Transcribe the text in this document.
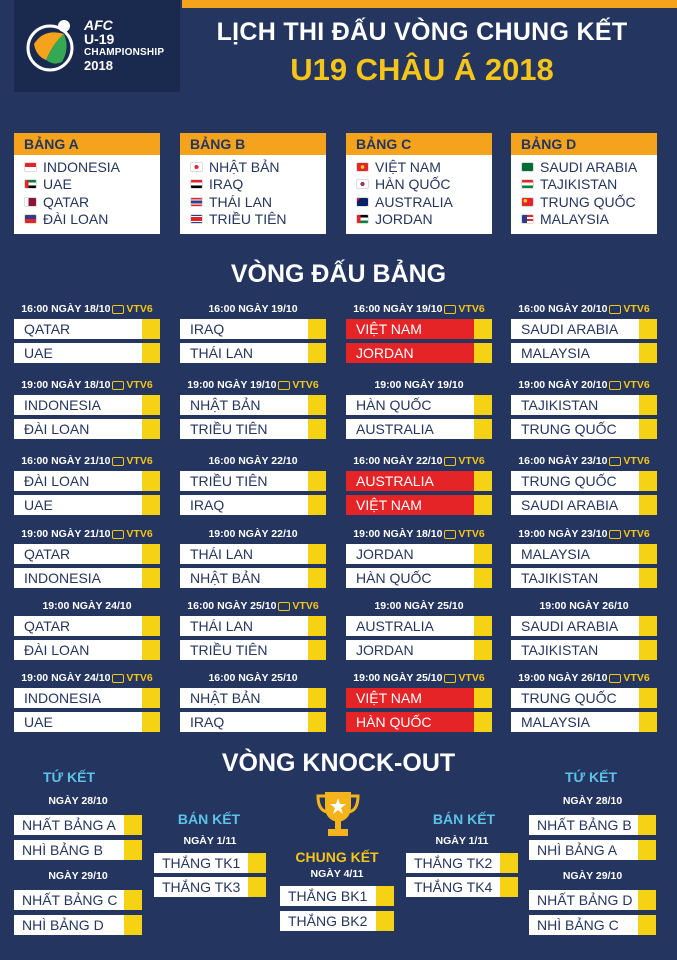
AFC
U-19
CHAMPIONSHIP
2018
LỊCH THI ĐẤU VÒNG CHUNG KẾT
U19 CHÂU Á 2018
BẢNG A
INDONESIA
UAE
QATAR
ĐÀI LOAN
BẢNG B
NHẬT BẢN
IRAQ
THÁI LAN
TRIỀU TIÊN
BẢNG C
VIỆT NAM
HÀN QUỐC
AUSTRALIA
JORDAN
BẢNG D
SAUDI ARABIA
TAJIKISTAN
TRUNG QUỐC
MALAYSIA
VÒNG ĐẤU BẢNG
16:00 NGÀY 18/10 VTV6
QATAR
UAE
16:00 NGÀY 19/10
IRAQ
THÁI LAN
16:00 NGÀY 19/10 VTV6
VIỆT NAM
JORDAN
16:00 NGÀY 20/10 VTV6
SAUDI ARABIA
MALAYSIA
19:00 NGÀY 18/10 VTV6
INDONESIA
ĐÀI LOAN
19:00 NGÀY 19/10 VTV6
NHẬT BẢN
TRIỀU TIÊN
19:00 NGÀY 19/10
HÀN QUỐC
AUSTRALIA
19:00 NGÀY 20/10 VTV6
TAJIKISTAN
TRUNG QUỐC
16:00 NGÀY 21/10 VTV6
ĐÀI LOAN
UAE
16:00 NGÀY 22/10
TRIỀU TIÊN
IRAQ
16:00 NGÀY 22/10 VTV6
AUSTRALIA
VIỆT NAM
16:00 NGÀY 23/10 VTV6
TRUNG QUỐC
SAUDI ARABIA
19:00 NGÀY 21/10 VTV6
QATAR
INDONESIA
19:00 NGÀY 22/10
THÁI LAN
NHẬT BẢN
19:00 NGÀY 18/10 VTV6
JORDAN
HÀN QUỐC
19:00 NGÀY 23/10 VTV6
MALAYSIA
TAJIKISTAN
19:00 NGÀY 24/10
QATAR
ĐÀI LOAN
16:00 NGÀY 25/10 VTV6
THÁI LAN
TRIỀU TIÊN
19:00 NGÀY 25/10
AUSTRALIA
JORDAN
19:00 NGÀY 26/10
SAUDI ARABIA
TAJIKISTAN
19:00 NGÀY 24/10 VTV6
INDONESIA
UAE
16:00 NGÀY 25/10
NHẬT BẢN
IRAQ
19:00 NGÀY 25/10 VTV6
VIỆT NAM
HÀN QUỐC
19:00 NGÀY 26/10 VTV6
TRUNG QUỐC
MALAYSIA
VÒNG KNOCK-OUT
TỨ KẾT	TỨ KẾT
BÁN KẾT	BÁN KẾT
NGÀY 28/10
NHẤT BẢNG A
NHÌ BẢNG B
NGÀY 28/10
NHẤT BẢNG B
NHÌ BẢNG A
NGÀY 29/10
NHẤT BẢNG C
NHÌ BẢNG D
NGÀY 29/10
NHẤT BẢNG D
NHÌ BẢNG C
NGÀY 1/11
THẮNG TK1
THẮNG TK3
NGÀY 1/11
THẮNG TK2
THẮNG TK4
CHUNG KẾT
NGÀY 4/11
THẮNG BK1
THẮNG BK2
